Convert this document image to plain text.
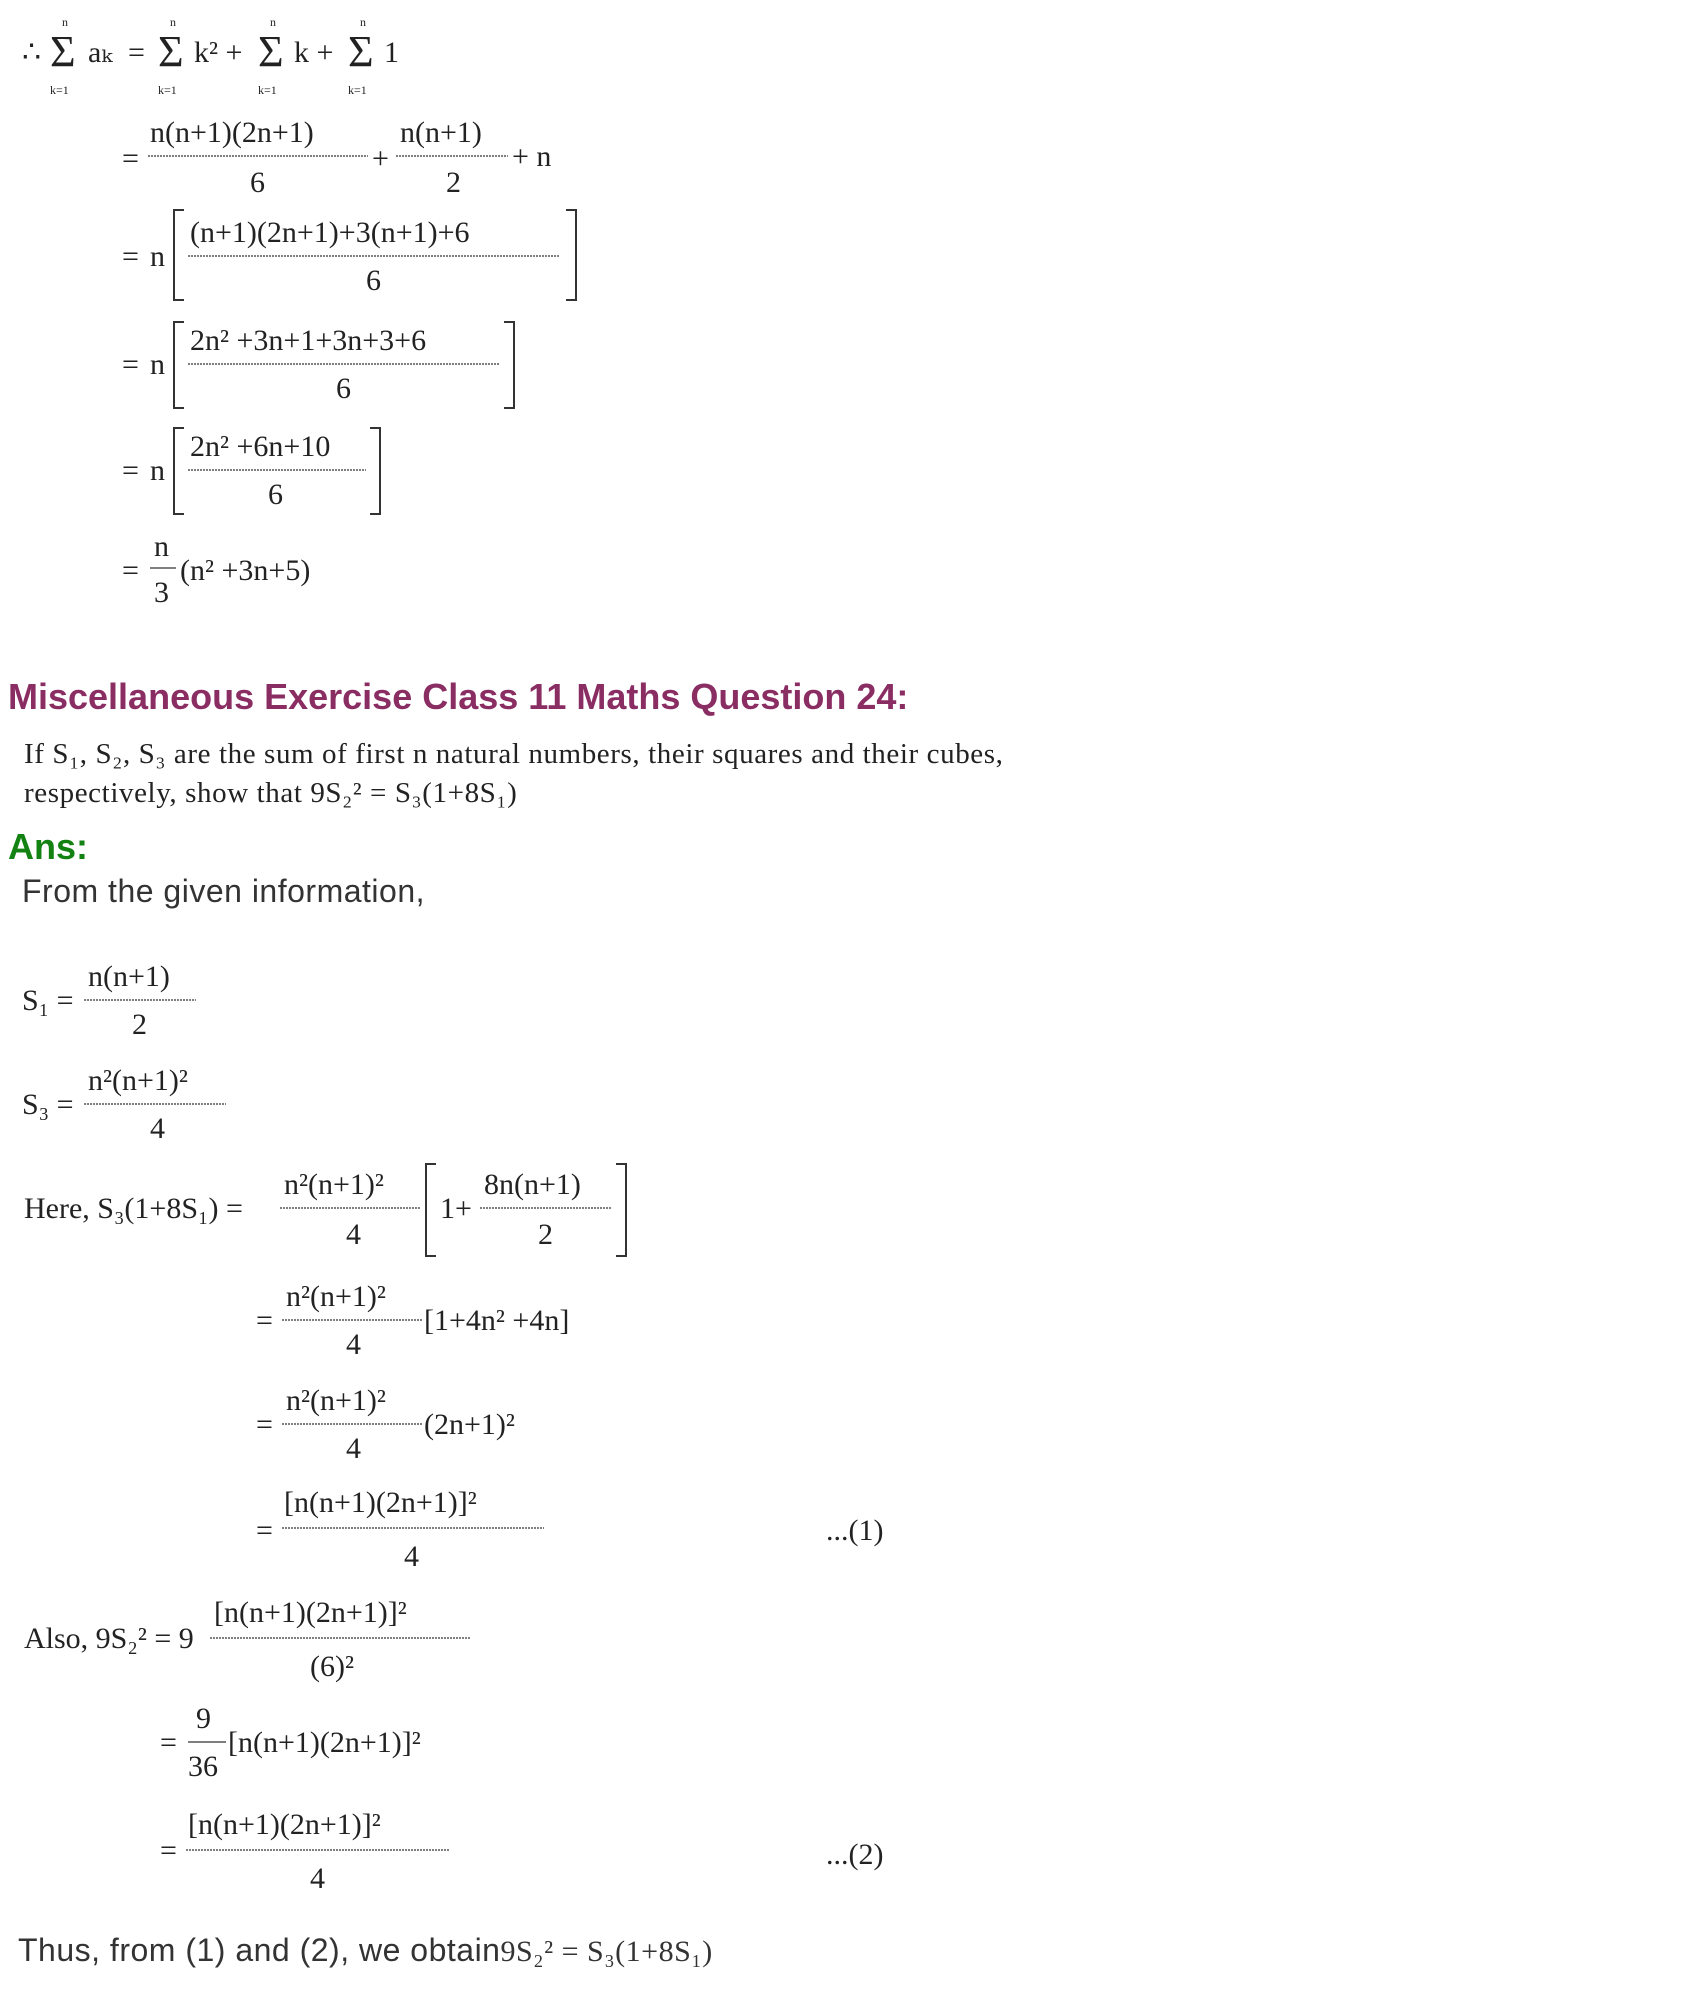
∴ Σ
n
k=1
aₖ = Σ
n
k=1
k² + Σ
n
k=1
k + Σ
n
k=1
1
=
n(n+1)(2n+1)
6
+
n(n+1)
2
+ n
= n
(n+1)(2n+1)+3(n+1)+6
6
= n
2n² +3n+1+3n+3+6
6
= n
2n² +6n+10
6
=
n
3
(n² +3n+5)
Miscellaneous Exercise Class 11 Maths Question 24:
If S₁, S₂, S₃ are the sum of first n natural numbers, their squares and their cubes,
respectively, show that 9S₂² = S₃(1+8S₁)
Ans:
From the given information,
S₁ =
n(n+1)
2
S₃ =
n²(n+1)²
4
Here, S₃(1+8S₁) =
n²(n+1)²
4
1+
8n(n+1)
2
=
n²(n+1)²
4
[1+4n² +4n]
=
n²(n+1)²
4
(2n+1)²
=
[n(n+1)(2n+1)]²
4
...(1)
Also, 9S₂² = 9
[n(n+1)(2n+1)]²
(6)²
=
9
36
[n(n+1)(2n+1)]²
=
[n(n+1)(2n+1)]²
4
...(2)
Thus, from (1) and (2), we obtain9S₂² = S₃(1+8S₁)
